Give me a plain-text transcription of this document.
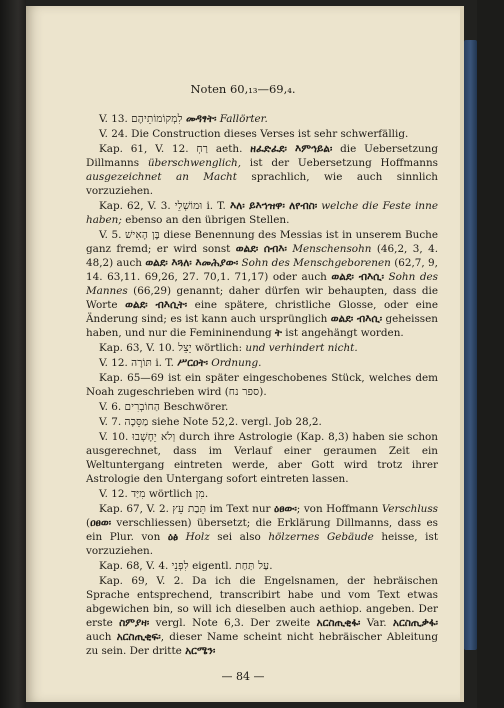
Noten 60,₁₃—69,₄.

V. 13. לִמְקוֹמוֹתֵיהֶם መዳፃት፡ Fallörter.

V. 24. Die Construction dieses Verses ist sehr schwerfällig.

Kap. 61, V. 12. רַחְ aeth. ዘፈድፈደ፡ እምኅይል፡ die Uebersetzung Dillmanns überschwenglich, ist der Uebersetzung Hoffmanns ausgezeichnet an Macht sprachlich, wie auch sinnlich vorzuziehen.

Kap. 62, V. 3. וּמוֹשְׁלֵי i. T. እለ፡ ይእኀዝዋ፡ ለየብስ፡ welche die Feste inne haben; ebenso an den übrigen Stellen.

V. 5. בֶּן הָאִישׁ diese Benennung des Messias ist in unserem Buche ganz fremd; er wird sonst ወልደ፡ ሰብእ፡ Menschensohn (46,2, 3, 4. 48,2) auch ወልደ፡ እጓለ፡ እመሕያው፡ Sohn des Menschgeborenen (62,7, 9, 14. 63,11. 69,26, 27. 70,1. 71,17) oder auch ወልደ፡ ብእሲ፡ Sohn des Mannes (66,29) genannt; daher dürfen wir behaupten, dass die Worte ወልደ፡ ብእሲት፡ eine spätere, christliche Glosse, oder eine Änderung sind; es ist kann auch ursprünglich ወልደ፡ ብእሲ፡ geheissen haben, und nur die Femininendung ት ist angehängt worden.

Kap. 63, V. 10. יֵצֵל wörtlich: und verhindert nicht.

V. 12. תּוֹרָה i. T. ሥርዐት፡ Ordnung.

Kap. 65—69 ist ein später eingeschobenes Stück, welches dem Noah zugeschrieben wird (ספר נח).

V. 6. הַחוֹבְרִים Beschwörer.

V. 7. מַסֵּכָה siehe Note 52,2. vergl. Job 28,2.

V. 10. וְלֹא יֵחָשְׁבוּ durch ihre Astrologie (Kap. 8,3) haben sie schon ausgerechnet, dass im Verlauf einer geraumen Zeit ein Weltuntergang eintreten werde, aber Gott wird trotz ihrer Astrologie den Untergang sofort eintreten lassen.

V. 12. מִיַּד wörtlich מִן.

Kap. 67, V. 2. תֵּבַת עֵץ im Text nur ዕፀው፡; von Hoffmann Verschluss (ዐፀወ፡ verschliessen) übersetzt; die Erklärung Dillmanns, dass es ein Plur. von ዕፅ Holz sei also hölzernes Gebäude heisse, ist vorzuziehen.

Kap. 68, V. 4. לִפְנֵי eigentl. עַל תַּחַת.

Kap. 69, V. 2. Da ich die Engelsnamen, der hebräischen Sprache entsprechend, transcribirt habe und vom Text etwas abgewichen bin, so will ich dieselben auch aethiop. angeben. Der erste ስምያዛ፡ vergl. Note 6,3. Der zweite አርስጢቂፋ፡ Var. አርስጢቃፋ፡ auch አርስጢቂፍ፡, dieser Name scheint nicht hebräischer Ableitung zu sein. Der dritte አርሜን፡

— 84 —
